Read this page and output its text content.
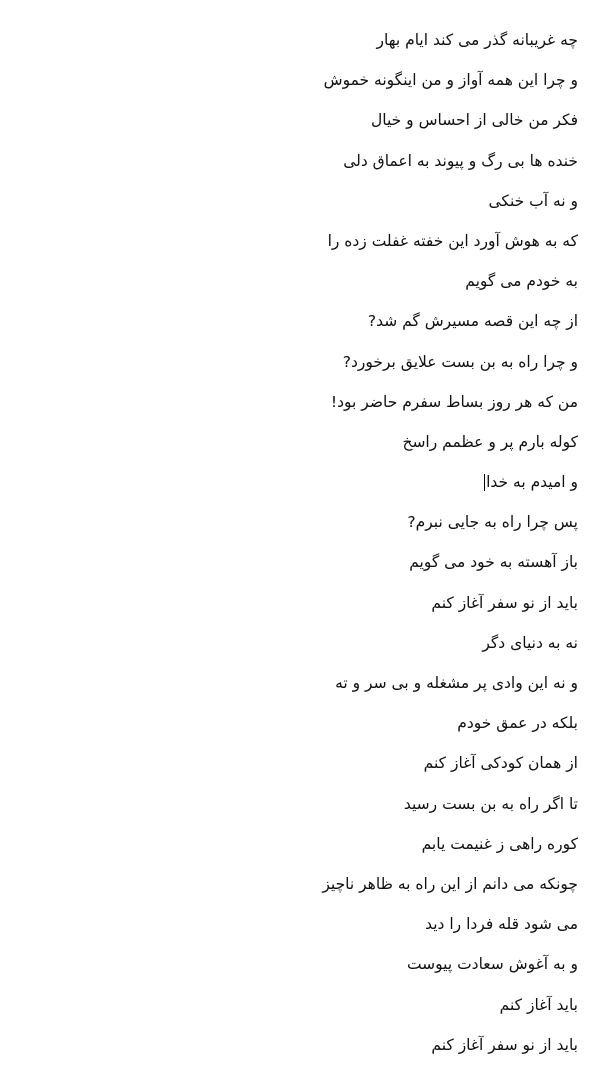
چه غریبانه گذر می کند ایام بهار
و چرا این همه آواز و من اینگونه خموش
فکر من خالی از احساس و خیال
خنده ها بی رگ و پیوند به اعماق دلی
و نه آب خنکی
که به هوش آورد این خفته غفلت زده را
به خودم می گویم
از چه این قصه مسیرش گم شد?
و چرا راه به بن بست علایق برخورد?
من که هر روز بساط سفرم حاضر بود!
کوله بارم پر و عظمم راسخ
و امیدم به خدا
پس چرا راه به جایی نبرم?
باز آهسته به خود می گویم
باید از نو سفر آغاز کنم
نه به دنیای دگر
و نه این وادی پر مشغله و بی سر و ته
بلکه در عمق خودم
از همان کودکی آغاز کنم
تا اگر راه به بن بست رسید
کوره راهی ز غنیمت یابم
چونکه می دانم از این راه به ظاهر ناچیز
می شود قله فردا را دید
و به آغوش سعادت پیوست
باید آغاز کنم
باید از نو سفر آغاز کنم
